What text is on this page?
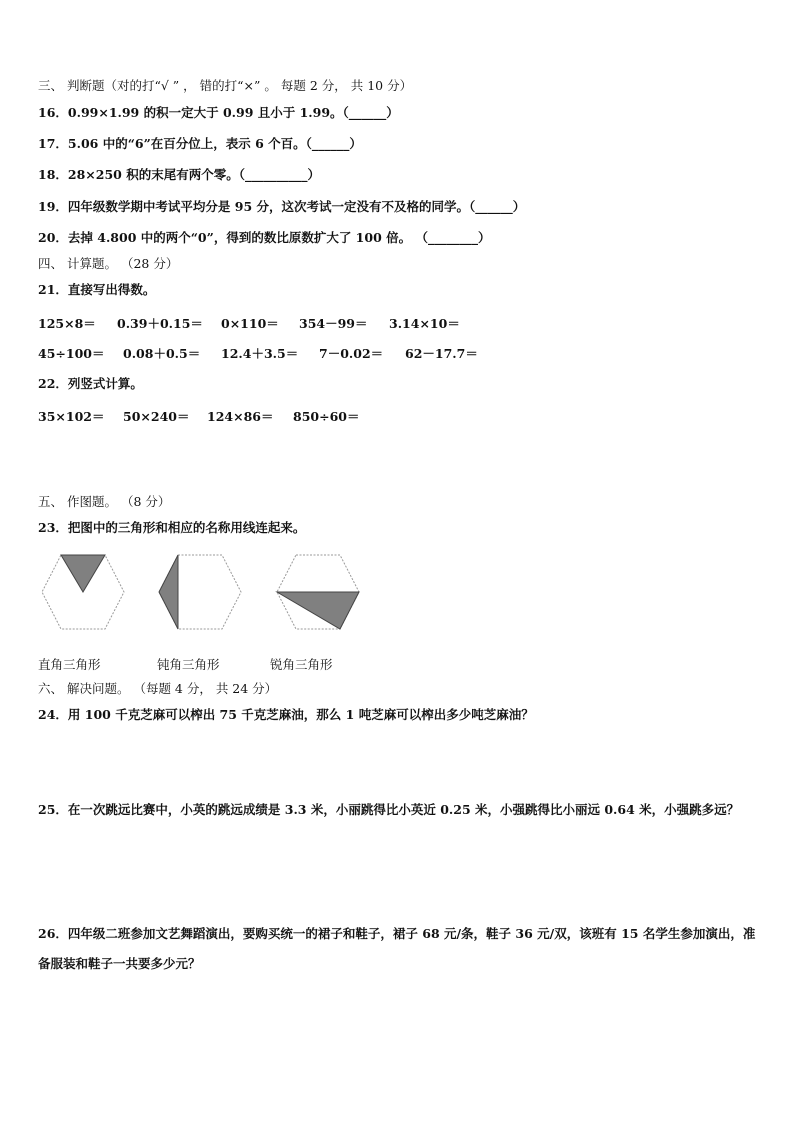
三、 判断题（对的打“√ ” ， 错的打“×” 。 每题 2 分， 共 10 分）
16．0.99×1.99 的积一定大于 0.99 且小于 1.99。（______）
17．5.06 中的“6”在百分位上，表示 6 个百。（______）
18．28×250 积的末尾有两个零。（__________）
19．四年级数学期中考试平均分是 95 分，这次考试一定没有不及格的同学。（______）
20．去掉 4.800 中的两个“0”，得到的数比原数扩大了 100 倍。 （________）
四、 计算题。 （28 分）
21．直接写出得数。
125×8＝ 0.39＋0.15＝ 0×110＝ 354－99＝ 3.14×10＝
45÷100＝ 0.08＋0.5＝ 12.4＋3.5＝ 7－0.02＝ 62－17.7＝
22．列竖式计算。
35×102＝ 50×240＝ 124×86＝ 850÷60＝
五、 作图题。 （8 分）
23．把图中的三角形和相应的名称用线连起来。
直角三角形	钝角三角形	锐角三角形
六、 解决问题。 （每题 4 分， 共 24 分）
24．用 100 千克芝麻可以榨出 75 千克芝麻油，那么 1 吨芝麻可以榨出多少吨芝麻油？
25．在一次跳远比赛中，小英的跳远成绩是 3.3 米，小丽跳得比小英近 0.25 米，小强跳得比小丽远 0.64 米，小强跳多远？
26．四年级二班参加文艺舞蹈演出，要购买统一的裙子和鞋子，裙子 68 元/条，鞋子 36 元/双，该班有 15 名学生参加演出，准备服装和鞋子一共要多少元？
